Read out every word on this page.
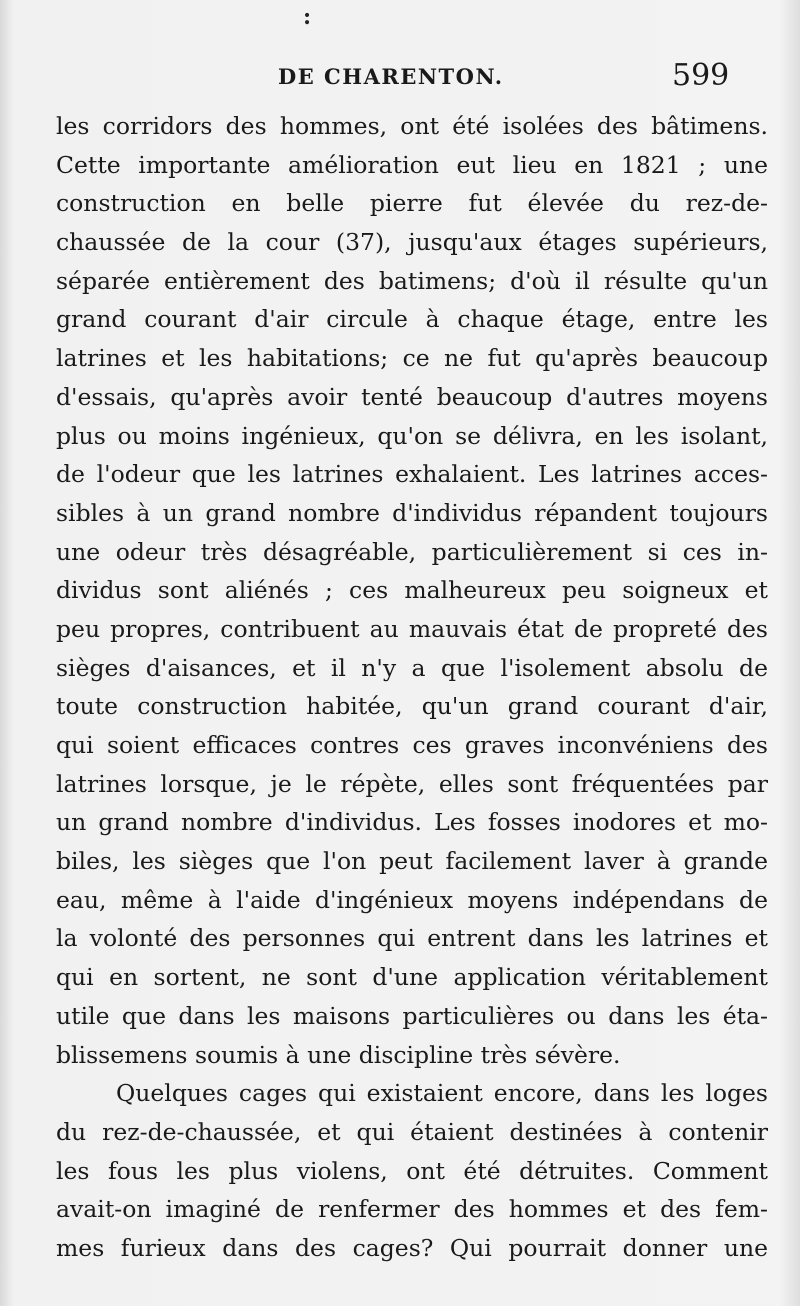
:
DE CHARENTON.	599
les corridors des hommes, ont été isolées des bâtimens.
Cette importante amélioration eut lieu en 1821 ; une
construction en belle pierre fut élevée du rez-de-
chaussée de la cour (37), jusqu'aux étages supérieurs,
séparée entièrement des batimens; d'où il résulte qu'un
grand courant d'air circule à chaque étage, entre les
latrines et les habitations; ce ne fut qu'après beaucoup
d'essais, qu'après avoir tenté beaucoup d'autres moyens
plus ou moins ingénieux, qu'on se délivra, en les isolant,
de l'odeur que les latrines exhalaient. Les latrines acces-
sibles à un grand nombre d'individus répandent toujours
une odeur très désagréable, particulièrement si ces in-
dividus sont aliénés ; ces malheureux peu soigneux et
peu propres, contribuent au mauvais état de propreté des
sièges d'aisances, et il n'y a que l'isolement absolu de
toute construction habitée, qu'un grand courant d'air,
qui soient efficaces contres ces graves inconvéniens des
latrines lorsque, je le répète, elles sont fréquentées par
un grand nombre d'individus. Les fosses inodores et mo-
biles, les sièges que l'on peut facilement laver à grande
eau, même à l'aide d'ingénieux moyens indépendans de
la volonté des personnes qui entrent dans les latrines et
qui en sortent, ne sont d'une application véritablement
utile que dans les maisons particulières ou dans les éta-
blissemens soumis à une discipline très sévère.
Quelques cages qui existaient encore, dans les loges
du rez-de-chaussée, et qui étaient destinées à contenir
les fous les plus violens, ont été détruites. Comment
avait-on imaginé de renfermer des hommes et des fem-
mes furieux dans des cages? Qui pourrait donner une
